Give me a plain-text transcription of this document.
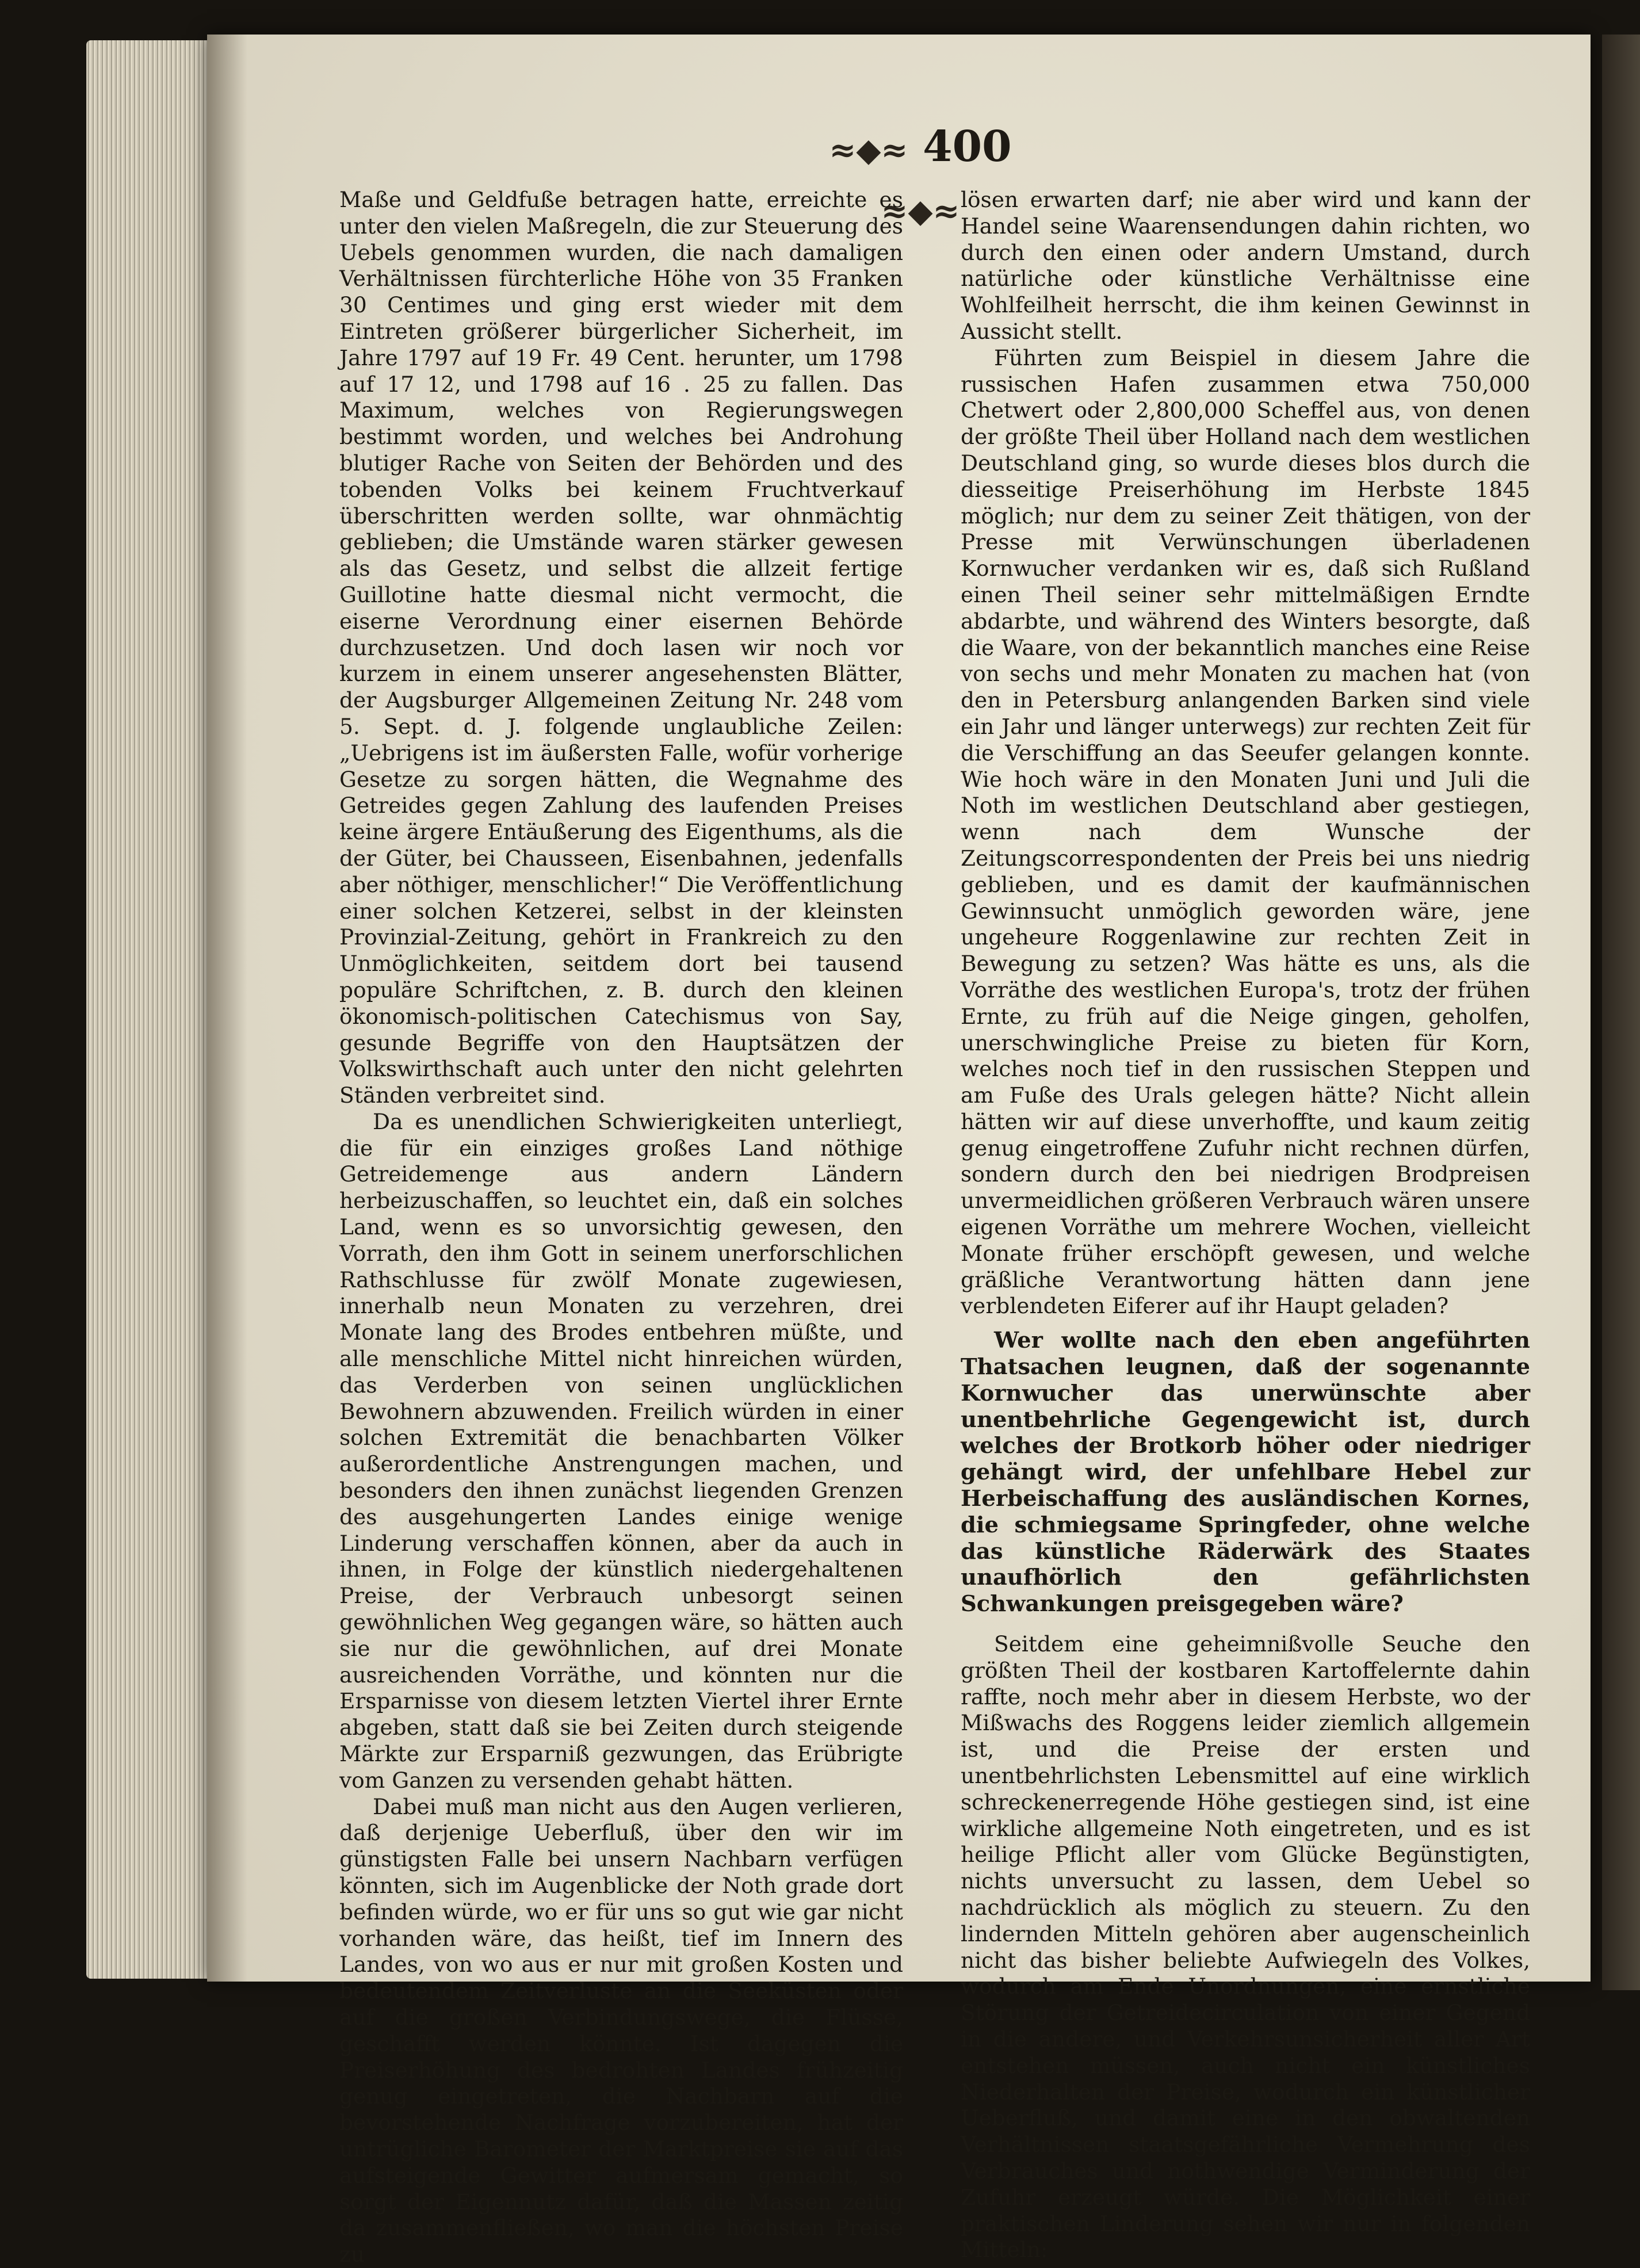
≈◆≈ 400 ≈◆≈

Maße und Geldfuße betragen hatte, erreichte es unter den vielen Maßregeln, die zur Steuerung des Uebels genommen wurden, die nach damaligen Verhältnissen fürchterliche Höhe von 35 Franken 30 Centimes und ging erst wieder mit dem Eintreten größerer bürgerlicher Sicherheit, im Jahre 1797 auf 19 Fr. 49 Cent. herunter, um 1798 auf 17 12, und 1798 auf 16 . 25 zu fallen. Das Maximum, welches von Regierungswegen bestimmt worden, und welches bei Androhung blutiger Rache von Seiten der Behörden und des tobenden Volks bei keinem Fruchtverkauf überschritten werden sollte, war ohnmächtig geblieben; die Umstände waren stärker gewesen als das Gesetz, und selbst die allzeit fertige Guillotine hatte diesmal nicht vermocht, die eiserne Verordnung einer eisernen Behörde durchzusetzen. Und doch lasen wir noch vor kurzem in einem unserer angesehensten Blätter, der Augsburger Allgemeinen Zeitung Nr. 248 vom 5. Sept. d. J. folgende unglaubliche Zeilen: „Uebrigens ist im äußersten Falle, wofür vorherige Gesetze zu sorgen hätten, die Wegnahme des Getreides gegen Zahlung des laufenden Preises keine ärgere Entäußerung des Eigenthums, als die der Güter, bei Chausseen, Eisenbahnen, jedenfalls aber nöthiger, menschlicher!“ Die Veröffentlichung einer solchen Ketzerei, selbst in der kleinsten Provinzial-Zeitung, gehört in Frankreich zu den Unmöglichkeiten, seitdem dort bei tausend populäre Schriftchen, z. B. durch den kleinen ökonomisch-politischen Catechismus von Say, gesunde Begriffe von den Hauptsätzen der Volkswirthschaft auch unter den nicht gelehrten Ständen verbreitet sind.

Da es unendlichen Schwierigkeiten unterliegt, die für ein einziges großes Land nöthige Getreidemenge aus andern Ländern herbeizuschaffen, so leuchtet ein, daß ein solches Land, wenn es so unvorsichtig gewesen, den Vorrath, den ihm Gott in seinem unerforschlichen Rathschlusse für zwölf Monate zugewiesen, innerhalb neun Monaten zu verzehren, drei Monate lang des Brodes entbehren müßte, und alle menschliche Mittel nicht hinreichen würden, das Verderben von seinen unglücklichen Bewohnern abzuwenden. Freilich würden in einer solchen Extremität die benachbarten Völker außerordentliche Anstrengungen machen, und besonders den ihnen zunächst liegenden Grenzen des ausgehungerten Landes einige wenige Linderung verschaffen können, aber da auch in ihnen, in Folge der künstlich niedergehaltenen Preise, der Verbrauch unbesorgt seinen gewöhnlichen Weg gegangen wäre, so hätten auch sie nur die gewöhnlichen, auf drei Monate ausreichenden Vorräthe, und könnten nur die Ersparnisse von diesem letzten Viertel ihrer Ernte abgeben, statt daß sie bei Zeiten durch steigende Märkte zur Ersparniß gezwungen, das Erübrigte vom Ganzen zu versenden gehabt hätten.

Dabei muß man nicht aus den Augen verlieren, daß derjenige Ueberfluß, über den wir im günstigsten Falle bei unsern Nachbarn verfügen könnten, sich im Augenblicke der Noth grade dort befinden würde, wo er für uns so gut wie gar nicht vorhanden wäre, das heißt, tief im Innern des Landes, von wo aus er nur mit großen Kosten und bedeutendem Zeitverluste an die Seeküsten oder auf die großen Verbindungswege, die Flüsse, geschafft werden könnte. Ist dagegen die Preiserhöhung des bedrohten Landes frühzeitig genug eingetreten, die Nachbarn auf die bevorstehende Nachfrage vorzubereiten, hat der untrügliche Barometer der Marktpreise sie auf das aufsteigende Gewitter aufmersam gemacht, so sorgt der Eigennutz dafür, daß die Massen zeitig da zusammenfließen, wo man die höchsten Preise zu

lösen erwarten darf; nie aber wird und kann der Handel seine Waarensendungen dahin richten, wo durch den einen oder andern Umstand, durch natürliche oder künstliche Verhältnisse eine Wohlfeilheit herrscht, die ihm keinen Gewinnst in Aussicht stellt.

Führten zum Beispiel in diesem Jahre die russischen Hafen zusammen etwa 750,000 Chetwert oder 2,800,000 Scheffel aus, von denen der größte Theil über Holland nach dem westlichen Deutschland ging, so wurde dieses blos durch die diesseitige Preiserhöhung im Herbste 1845 möglich; nur dem zu seiner Zeit thätigen, von der Presse mit Verwünschungen überladenen Kornwucher verdanken wir es, daß sich Rußland einen Theil seiner sehr mittelmäßigen Erndte abdarbte, und während des Winters besorgte, daß die Waare, von der bekanntlich manches eine Reise von sechs und mehr Monaten zu machen hat (von den in Petersburg anlangenden Barken sind viele ein Jahr und länger unterwegs) zur rechten Zeit für die Verschiffung an das Seeufer gelangen konnte. Wie hoch wäre in den Monaten Juni und Juli die Noth im westlichen Deutschland aber gestiegen, wenn nach dem Wunsche der Zeitungscorrespondenten der Preis bei uns niedrig geblieben, und es damit der kaufmännischen Gewinnsucht unmöglich geworden wäre, jene ungeheure Roggenlawine zur rechten Zeit in Bewegung zu setzen? Was hätte es uns, als die Vorräthe des westlichen Europa's, trotz der frühen Ernte, zu früh auf die Neige gingen, geholfen, unerschwingliche Preise zu bieten für Korn, welches noch tief in den russischen Steppen und am Fuße des Urals gelegen hätte? Nicht allein hätten wir auf diese unverhoffte, und kaum zeitig genug eingetroffene Zufuhr nicht rechnen dürfen, sondern durch den bei niedrigen Brodpreisen unvermeidlichen größeren Verbrauch wären unsere eigenen Vorräthe um mehrere Wochen, vielleicht Monate früher erschöpft gewesen, und welche gräßliche Verantwortung hätten dann jene verblendeten Eiferer auf ihr Haupt geladen?

Wer wollte nach den eben angeführten Thatsachen leugnen, daß der sogenannte Kornwucher das unerwünschte aber unentbehrliche Gegengewicht ist, durch welches der Brotkorb höher oder niedriger gehängt wird, der unfehlbare Hebel zur Herbeischaffung des ausländischen Kornes, die schmiegsame Springfeder, ohne welche das künstliche Räderwärk des Staates unaufhörlich den gefährlichsten Schwankungen preisgegeben wäre?

Seitdem eine geheimnißvolle Seuche den größten Theil der kostbaren Kartoffelernte dahin raffte, noch mehr aber in diesem Herbste, wo der Mißwachs des Roggens leider ziemlich allgemein ist, und die Preise der ersten und unentbehrlichsten Lebensmittel auf eine wirklich schreckenerregende Höhe gestiegen sind, ist eine wirkliche allgemeine Noth eingetreten, und es ist heilige Pflicht aller vom Glücke Begünstigten, nichts unversucht zu lassen, dem Uebel so nachdrücklich als möglich zu steuern. Zu den lindernden Mitteln gehören aber augenscheinlich nicht das bisher beliebte Aufwiegeln des Volkes, wodurch am Ende Unordnungen, eine ernstliche Störung der Getreidecirculation von einer Gegend in die andere, und Verkehrsunsicherheit aller Art entstehen müssen, auch nicht ein künstliches Niederhalten der Preise, wodurch ein künstlicher Ueberfluß, und damit eine in den obwaltenden Verhältnissen staatsgefährliche Vermehrung des Verbrauches und nothwendige Verminderung der Zufuhr erzeugt würde. Die Möglichkeit einer praktischen Linderung sehen wir nur in folgenden Mitteln:
